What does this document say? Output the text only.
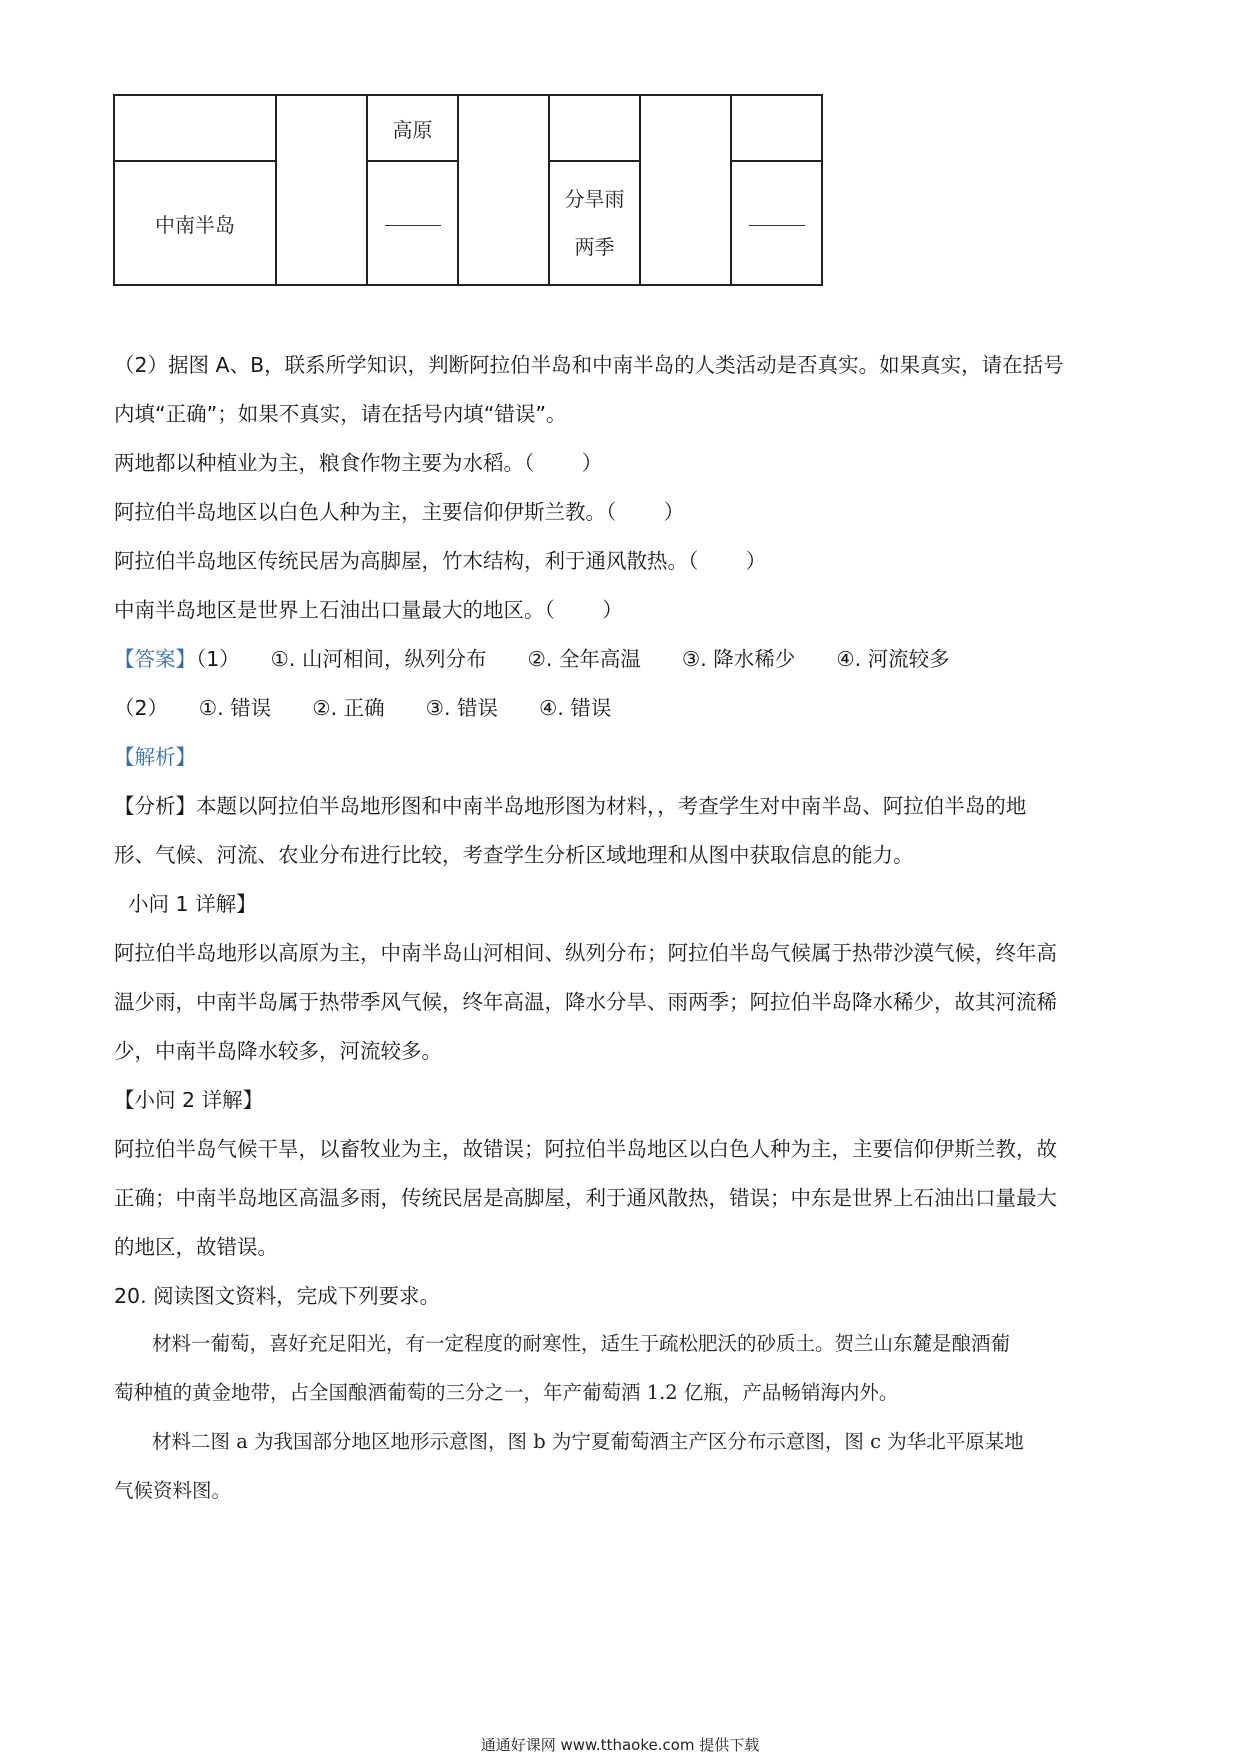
		高原				
中南半岛				分旱雨两季		

（2）据图 A、B，联系所学知识，判断阿拉伯半岛和中南半岛的人类活动是否真实。如果真实，请在括号
内填“正确”；如果不真实，请在括号内填“错误”。
两地都以种植业为主，粮食作物主要为水稻。（　　 ）
阿拉伯半岛地区以白色人种为主，主要信仰伊斯兰教。（　　 ）
阿拉伯半岛地区传统民居为高脚屋，竹木结构，利于通风散热。（　　 ）
中南半岛地区是世界上石油出口量最大的地区。（　　 ）
【答案】（1）　　①. 山河相间，纵列分布　　②. 全年高温　　③. 降水稀少　　④. 河流较多
（2）　　①. 错误　　②. 正确　　③. 错误　　④. 错误
【解析】
【分析】本题以阿拉伯半岛地形图和中南半岛地形图为材料，，考查学生对中南半岛、阿拉伯半岛的地
形、气候、河流、农业分布进行比较，考查学生分析区域地理和从图中获取信息的能力。
小问 1 详解】
阿拉伯半岛地形以高原为主，中南半岛山河相间、纵列分布；阿拉伯半岛气候属于热带沙漠气候，终年高
温少雨，中南半岛属于热带季风气候，终年高温，降水分旱、雨两季；阿拉伯半岛降水稀少，故其河流稀
少，中南半岛降水较多，河流较多。
【小问 2 详解】
阿拉伯半岛气候干旱，以畜牧业为主，故错误；阿拉伯半岛地区以白色人种为主，主要信仰伊斯兰教，故
正确；中南半岛地区高温多雨，传统民居是高脚屋，利于通风散热，错误；中东是世界上石油出口量最大
的地区，故错误。
20. 阅读图文资料，完成下列要求。
材料一葡萄，喜好充足阳光，有一定程度的耐寒性，适生于疏松肥沃的砂质土。贺兰山东麓是酿酒葡
萄种植的黄金地带，占全国酿酒葡萄的三分之一，年产葡萄酒 1.2 亿瓶，产品畅销海内外。
材料二图 a 为我国部分地区地形示意图，图 b 为宁夏葡萄酒主产区分布示意图，图 c 为华北平原某地
气候资料图。
通通好课网 www.tthaoke.com 提供下载
